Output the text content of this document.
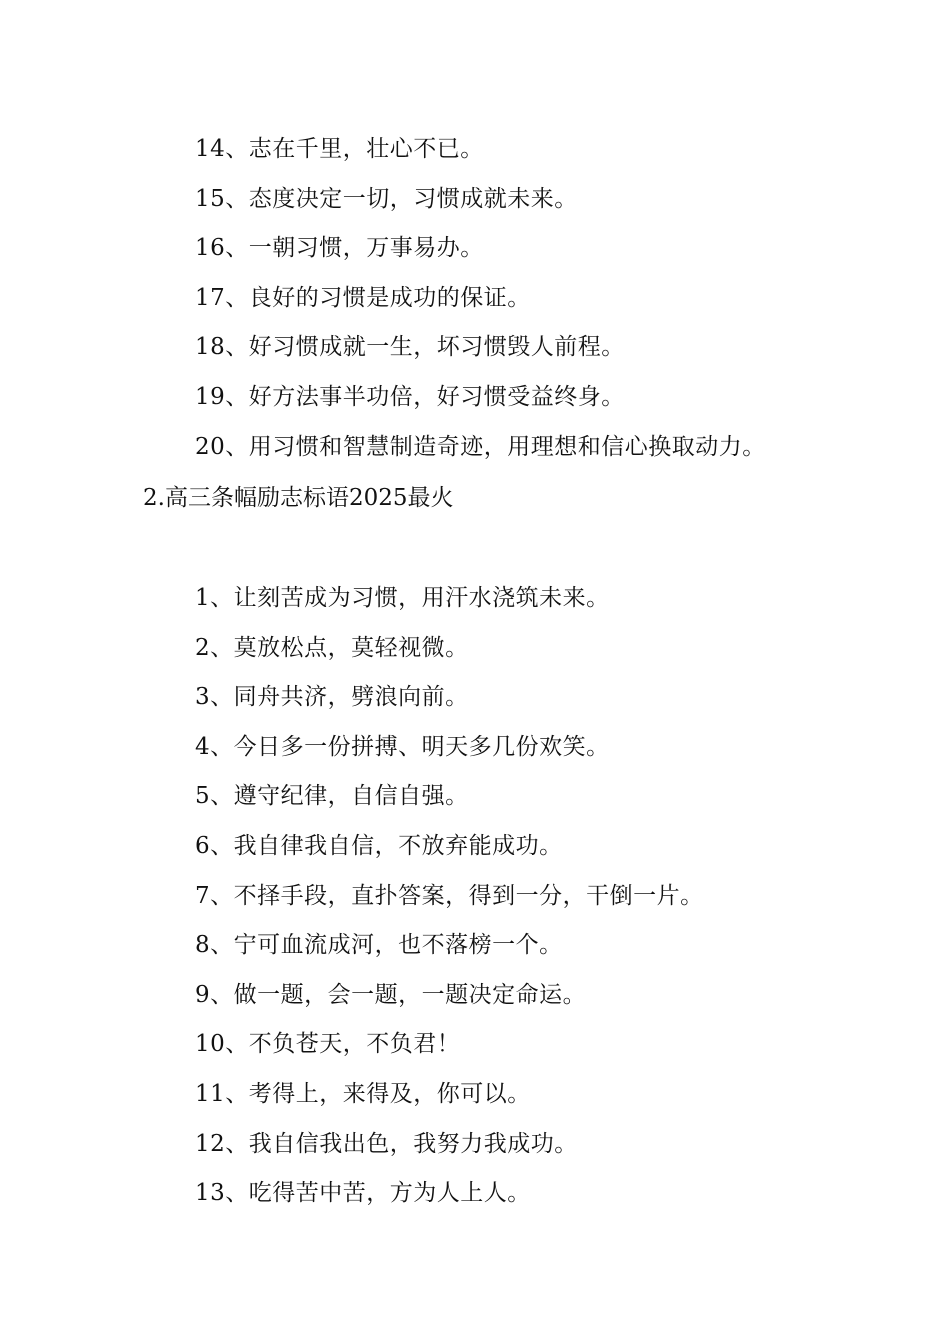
14、志在千里，壮心不已。
15、态度决定一切，习惯成就未来。
16、一朝习惯，万事易办。
17、良好的习惯是成功的保证。
18、好习惯成就一生，坏习惯毁人前程。
19、好方法事半功倍，好习惯受益终身。
20、用习惯和智慧制造奇迹，用理想和信心换取动力。
2.高三条幅励志标语2025最火
1、让刻苦成为习惯，用汗水浇筑未来。
2、莫放松点，莫轻视微。
3、同舟共济，劈浪向前。
4、今日多一份拼搏、明天多几份欢笑。
5、遵守纪律，自信自强。
6、我自律我自信，不放弃能成功。
7、不择手段，直扑答案，得到一分，干倒一片。
8、宁可血流成河，也不落榜一个。
9、做一题，会一题，一题决定命运。
10、不负苍天，不负君！
11、考得上，来得及，你可以。
12、我自信我出色，我努力我成功。
13、吃得苦中苦，方为人上人。
